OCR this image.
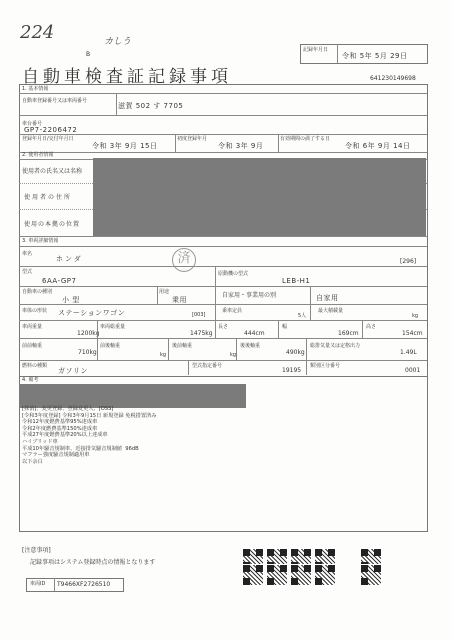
224	カしう
B
自動車検査証記録事項
記録年月日
令和 5年 5月 29日
641230149698
1. 基本情報
自動車登録番号又は車両番号
滋賀 502 す 7705
車台番号
GP7-2206472
登録年月日/交付年月日
令和 3年 9月 15日
初度登録年月
令和 3年 9月
有効期間の満了する日
令和 6年 9月 14日
2. 使用者情報
使用者の氏名又は名称
使用者の住所
使用の本拠の位置
3. 車両詳細情報
車名
ホンダ	済	[296]
型式
6AA-GP7
原動機の型式
LEB-H1
自動車の種別
小 型
用途
乗用
自家用・事業用の別	自家用
車体の形状 ステーションワゴン	[003]
乗車定員
5人
最大積載量
kg
車両重量
1200kg
車両総重量
1475kg
長さ
444cm
幅
169cm
高さ
154cm
前前軸重
710kg
前後軸重
kg
後前軸重
kg
後後軸重
490kg
総排気量又は定格出力
1.49L
燃料の種類
ガソリン
型式指定番号
19195
類別区分番号
0001
4. 備考
[抹消]、変更登録、登録変更人、[OSS]
[令和3年度登録] 令和3年9月15日 新規登録 免税措置済み
令和12年度燃費基準95%達成車
令和2年度燃費基準150%達成車
平成27年度燃費基準20%以上達成車
ハイブリッド車
平成10年騒音規制車、近接排気騒音規制値  96dB
マフラー強度騒音規制適用車
以下余白
[注意事項]
記録事項はシステム登録時点の情報となります
車両ID T9466XF2726510
